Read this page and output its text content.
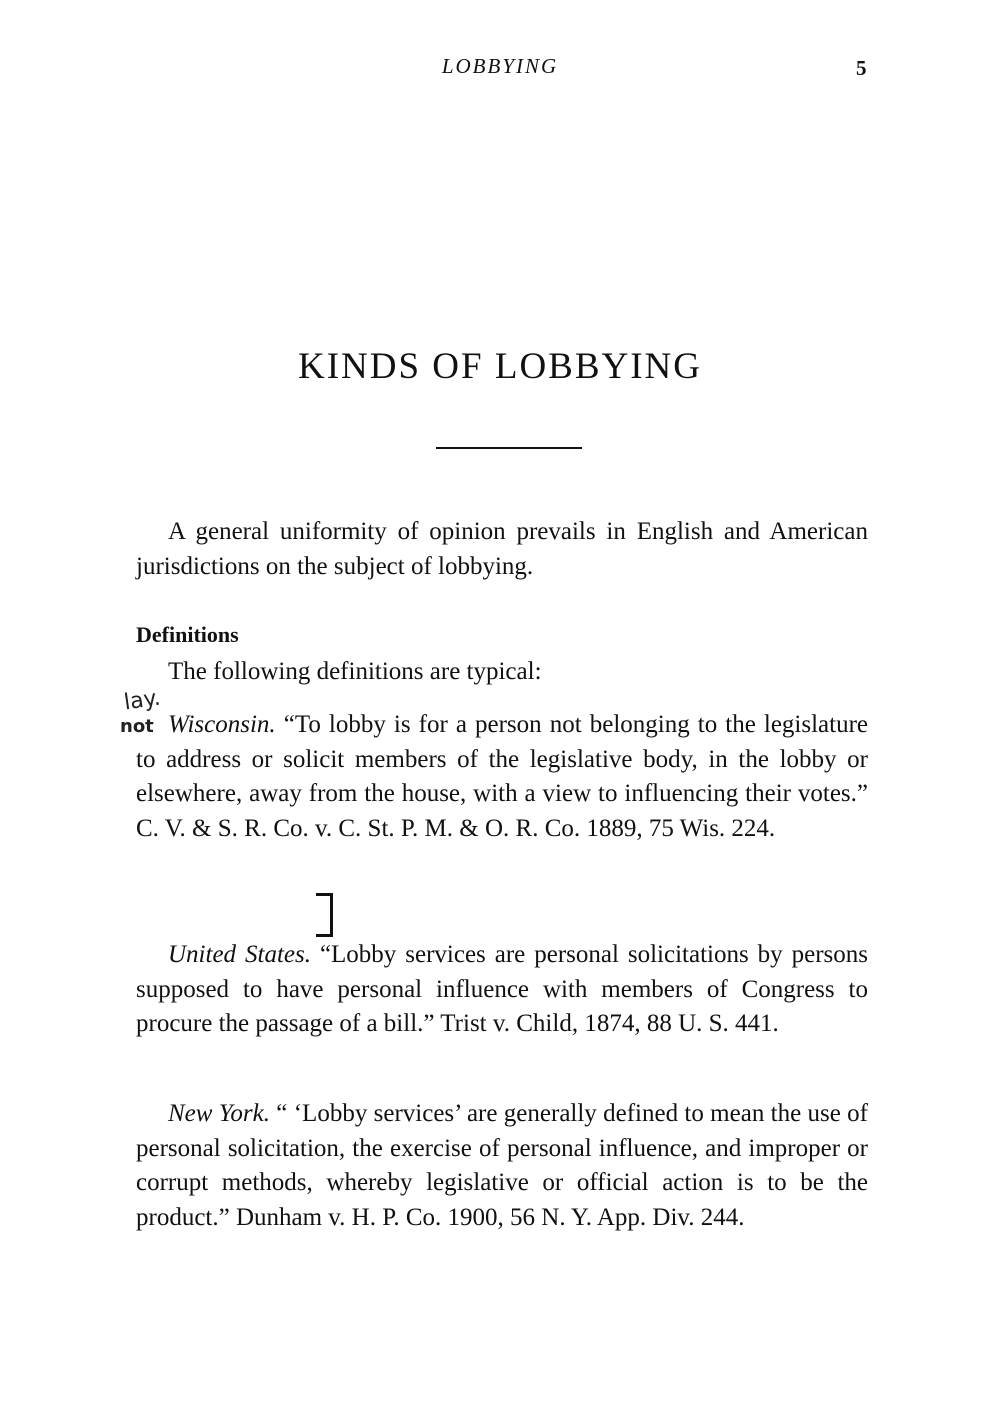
LOBBYING	5
KINDS OF LOBBYING

A general uniformity of opinion prevails in English and American jurisdictions on the subject of lobbying.

Definitions

The following definitions are typical:

lay.
not Wisconsin. “To lobby is for a person not belonging to the legislature to address or solicit members of the legislative body, in the lobby or elsewhere, away from the house, with a view to influencing their votes.” C. V. & S. R. Co. v. C. St. P. M. & O. R. Co. 1889, 75 Wis. 224.

United States. “Lobby services are personal solicitations by persons supposed to have personal influence with members of Congress to procure the passage of a bill.” Trist v. Child, 1874, 88 U. S. 441.

New York. “ ‘Lobby services’ are generally defined to mean the use of personal solicitation, the exercise of personal influence, and improper or corrupt methods, whereby legislative or official action is to be the product.” Dunham v. H. P. Co. 1900, 56 N. Y. App. Div. 244.
